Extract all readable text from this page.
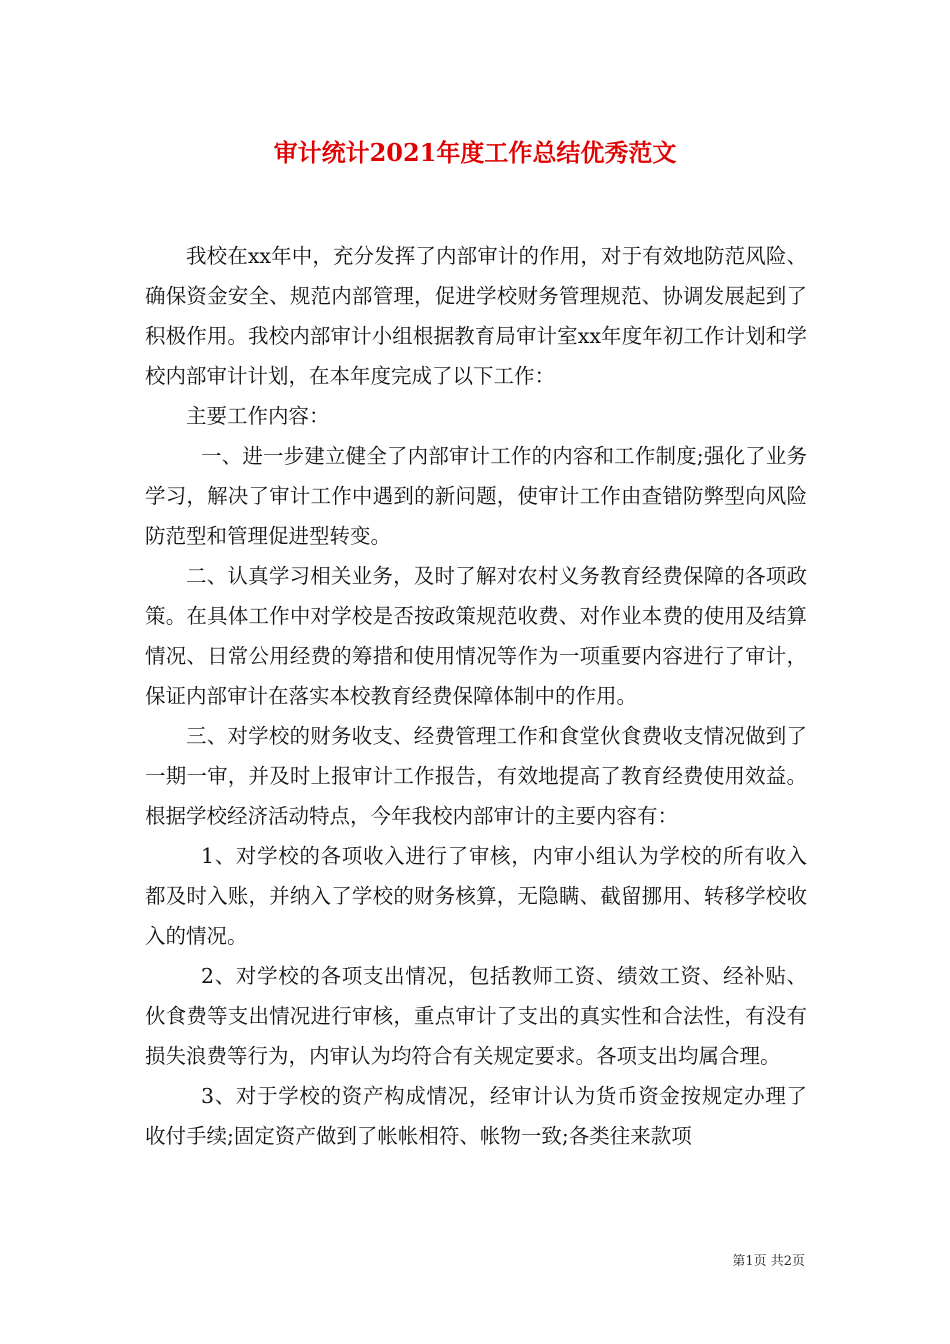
审计统计2021年度工作总结优秀范文

我校在xx年中，充分发挥了内部审计的作用，对于有效地防范风险、确保资金安全、规范内部管理，促进学校财务管理规范、协调发展起到了积极作用。我校内部审计小组根据教育局审计室xx年度年初工作计划和学校内部审计计划，在本年度完成了以下工作：

主要工作内容：

一、进一步建立健全了内部审计工作的内容和工作制度;强化了业务学习，解决了审计工作中遇到的新问题，使审计工作由查错防弊型向风险防范型和管理促进型转变。

二、认真学习相关业务，及时了解对农村义务教育经费保障的各项政策。在具体工作中对学校是否按政策规范收费、对作业本费的使用及结算情况、日常公用经费的筹措和使用情况等作为一项重要内容进行了审计，保证内部审计在落实本校教育经费保障体制中的作用。

三、对学校的财务收支、经费管理工作和食堂伙食费收支情况做到了一期一审，并及时上报审计工作报告，有效地提高了教育经费使用效益。根据学校经济活动特点，今年我校内部审计的主要内容有：

1、对学校的各项收入进行了审核，内审小组认为学校的所有收入都及时入账，并纳入了学校的财务核算，无隐瞒、截留挪用、转移学校收入的情况。

2、对学校的各项支出情况，包括教师工资、绩效工资、经补贴、伙食费等支出情况进行审核，重点审计了支出的真实性和合法性，有没有损失浪费等行为，内审认为均符合有关规定要求。各项支出均属合理。

3、对于学校的资产构成情况，经审计认为货币资金按规定办理了收付手续;固定资产做到了帐帐相符、帐物一致;各类往来款项

第1页 共2页
